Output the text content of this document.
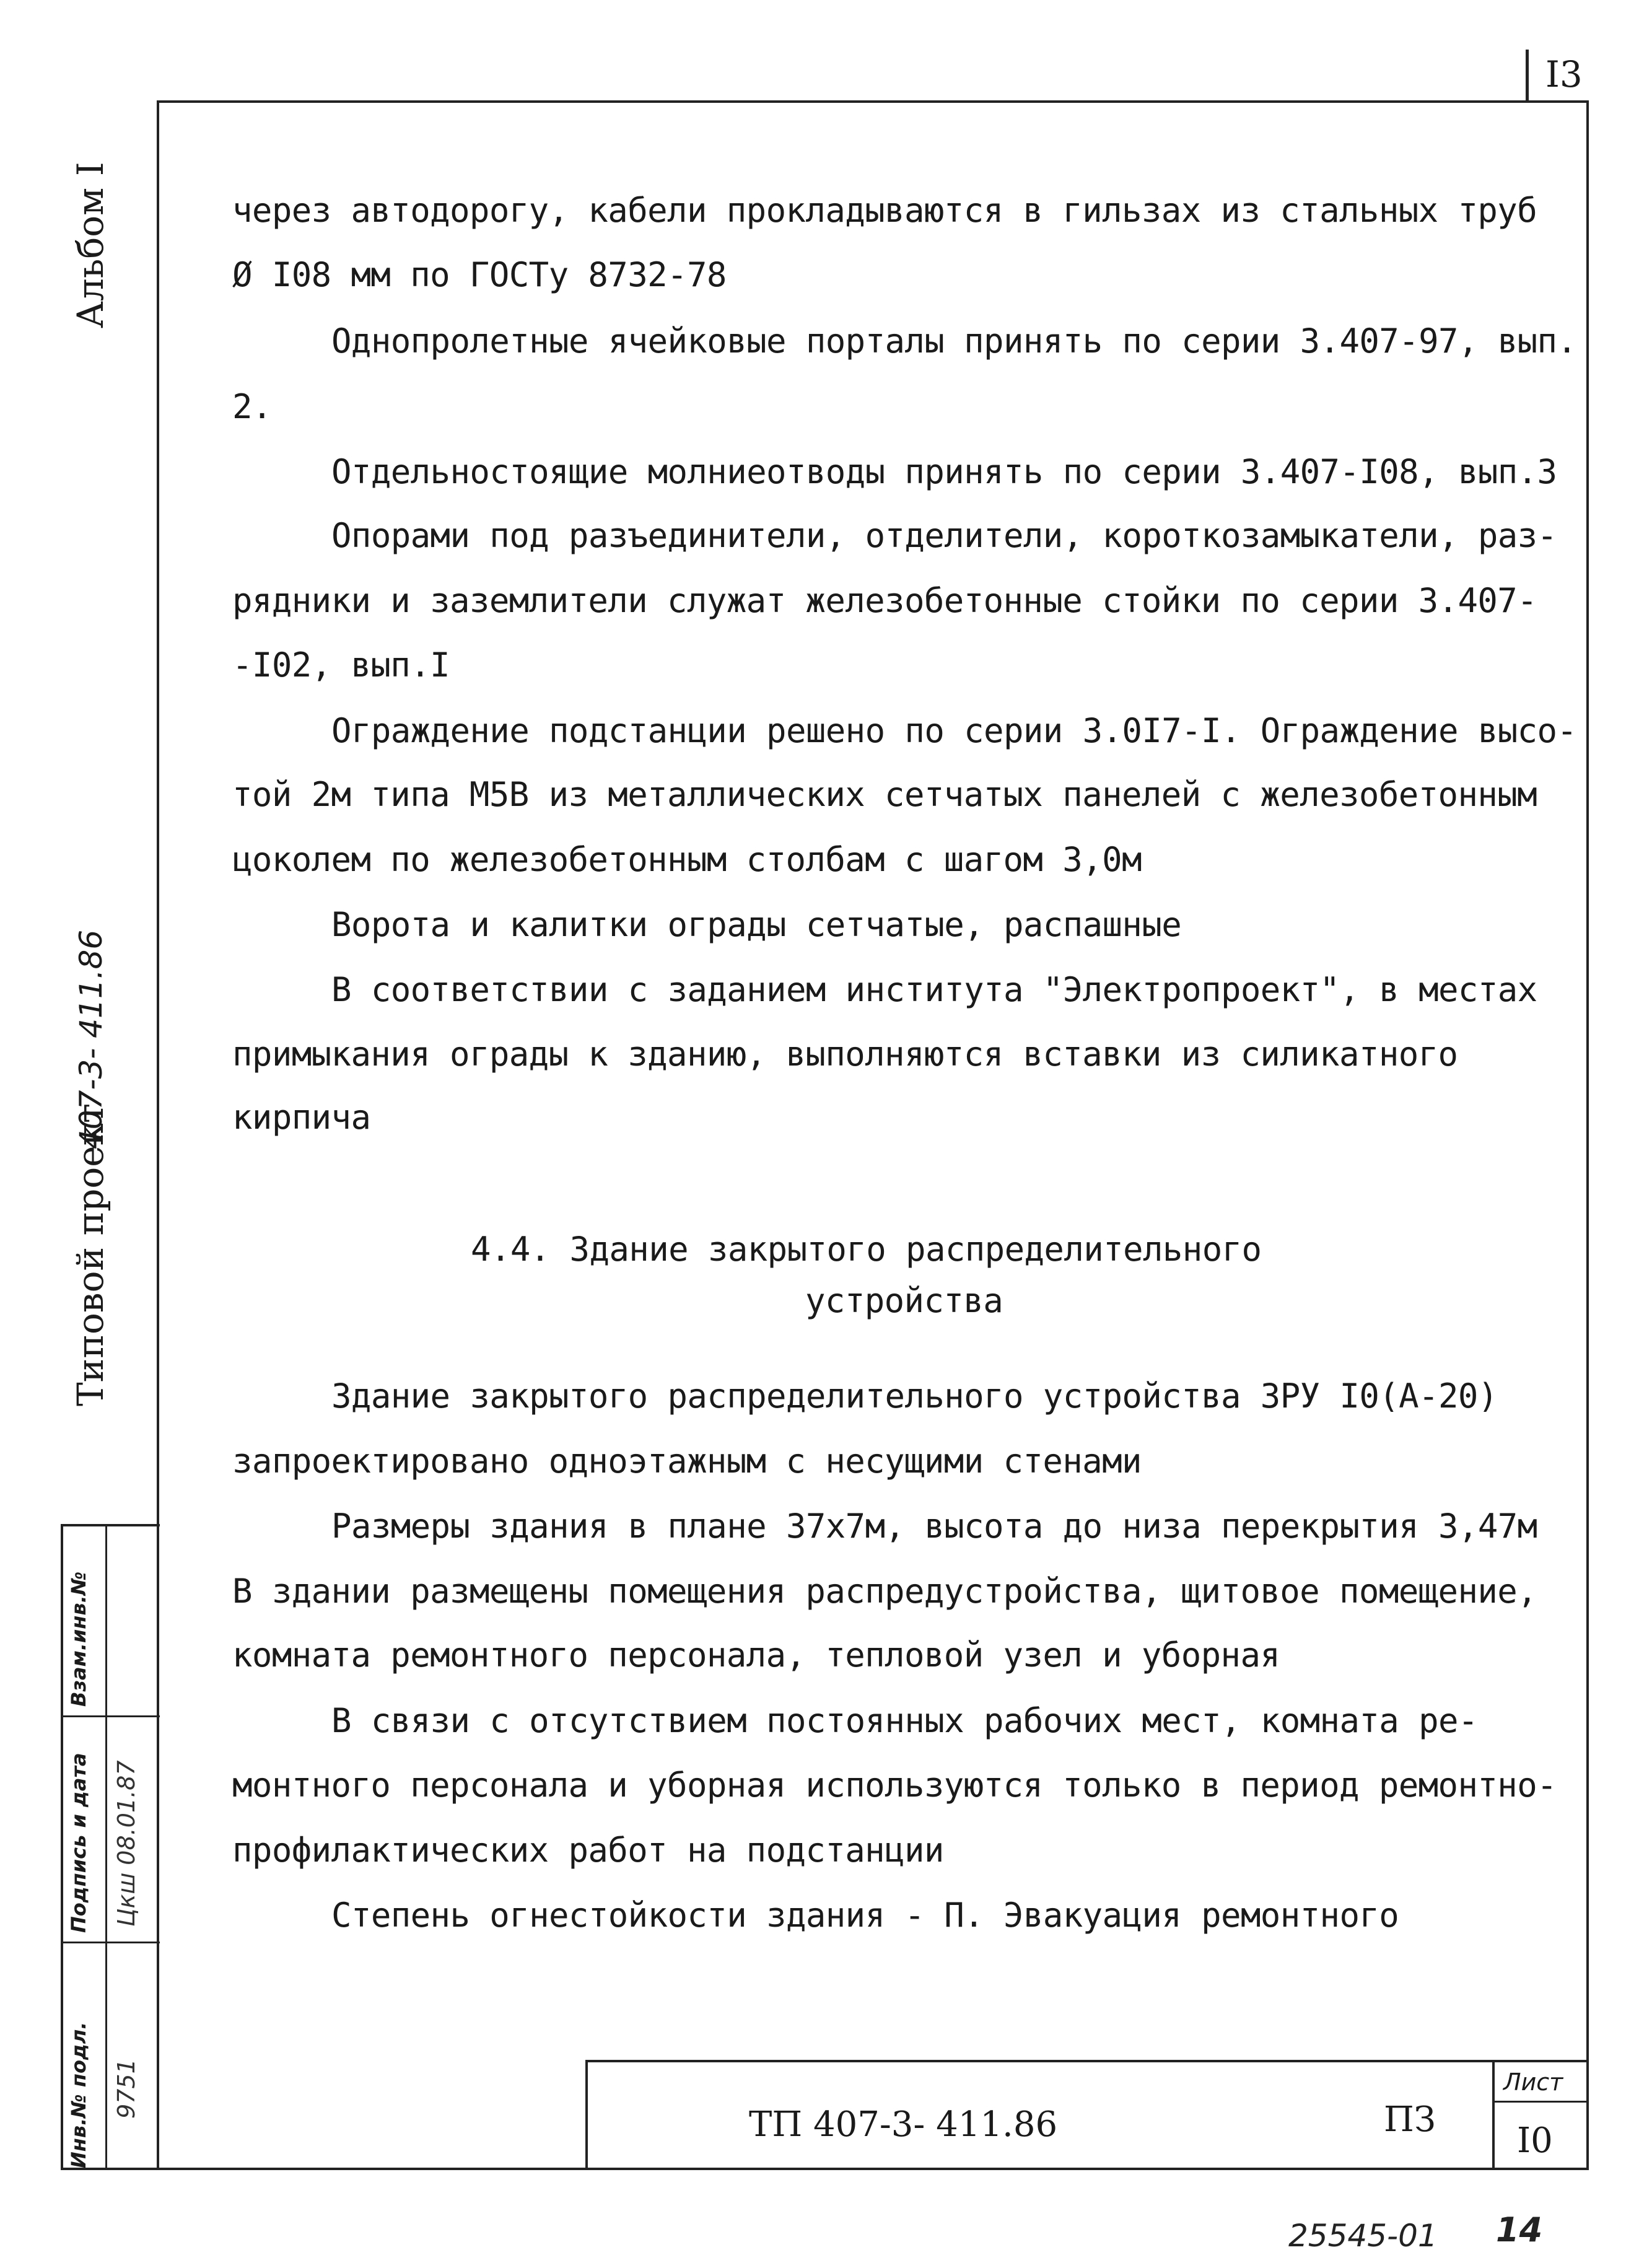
I3
Альбом I
Типовой проект
407-3- 411.86
Инв.№ подл.
Подпись и дата
Взам.инв.№
9751
Цкш 08.01.87

через автодорогу, кабели прокладываются в гильзах из стальных труб

Ø I08 мм по ГОСТу 8732-78

Однопролетные ячейковые порталы принять по серии 3.407-97, вып.

2.

Отдельностоящие молниеотводы принять по серии 3.407-I08, вып.3

Опорами под разъединители, отделители, короткозамыкатели, раз-

рядники и заземлители служат железобетонные стойки по серии 3.407-

-I02, вып.I

Ограждение подстанции решено по серии 3.0I7-I. Ограждение высо-

той 2м типа М5В из металлических сетчатых панелей с железобетонным

цоколем по железобетонным столбам с шагом 3,0м

Ворота и калитки ограды сетчатые, распашные

В соответствии с заданием института "Электропроект", в местах

примыкания ограды к зданию, выполняются вставки из силикатного

кирпича

4.4. Здание закрытого распределительного

устройства

Здание закрытого распределительного устройства ЗРУ I0(А-20)

запроектировано одноэтажным с несущими стенами

Размеры здания в плане 37х7м, высота до низа перекрытия 3,47м

В здании размещены помещения распредустройства, щитовое помещение,

комната ремонтного персонала, тепловой узел и уборная

В связи с отсутствием постоянных рабочих мест, комната ре-

монтного персонала и уборная используются только в период ремонтно-

профилактических работ на подстанции

Степень огнестойкости здания - П. Эвакуация ремонтного

ТП 407-3- 411.86	ПЗ
Лист
I0
25545-01 14
